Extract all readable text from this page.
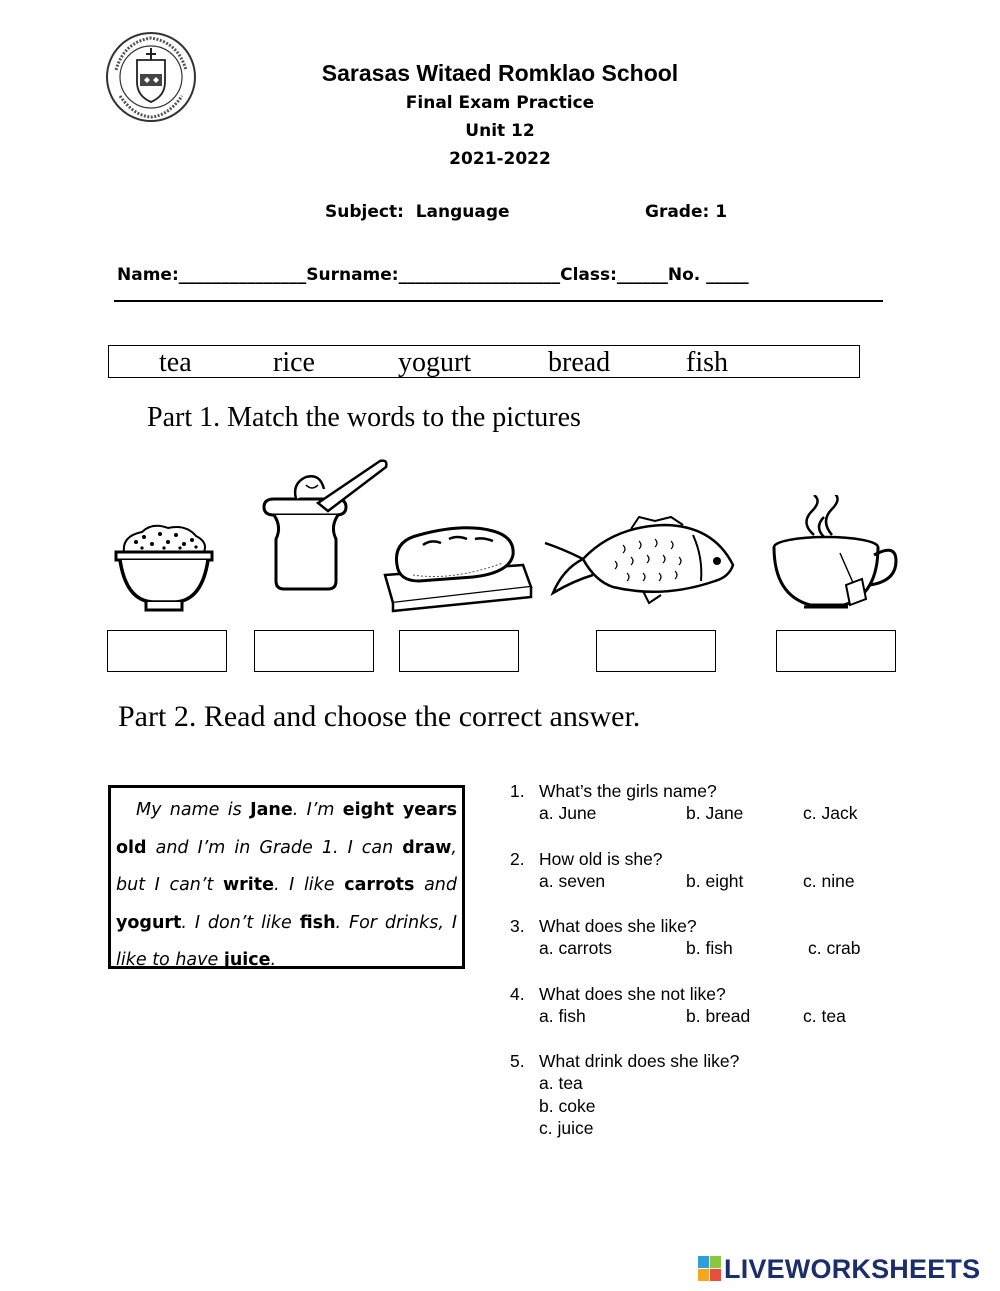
Sarasas Witaed Romklao School
Final Exam Practice
Unit 12
2021-2022
Subject:  Language	Grade: 1
Name:_______________Surname:___________________Class:______No. _____
tea	rice	yogurt	bread	fish
Part 1. Match the words to the pictures
Part 2. Read and choose the correct answer.
My name is Jane. I’m eight years old and I’m in Grade 1. I can draw, but I can’t write. I like carrots and yogurt. I don’t like fish. For drinks, I like to have juice.
1. What’s the girls name?
a. June	b. Jane	c. Jack
2. How old is she?
a. seven	b. eight	c. nine
3. What does she like?
a. carrots	b. fish	c. crab
4. What does she not like?
a. fish	b. bread	c. tea
5. What drink does she like?
a. tea
b. coke
c. juice
LIVEWORKSHEETS
